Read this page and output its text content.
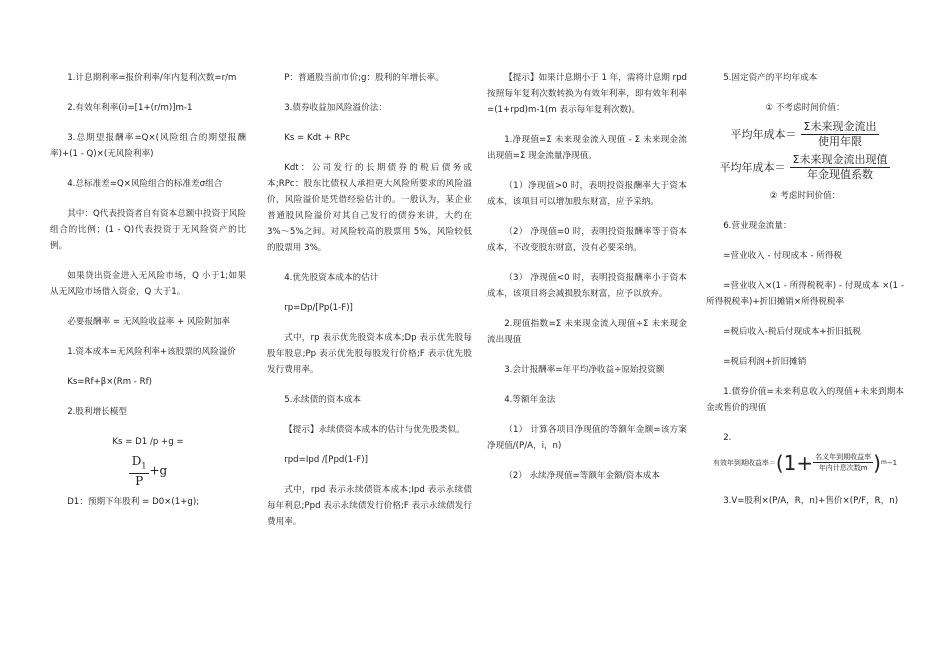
1.计息期利率=报价利率/年内复利次数=r/m

2.有效年利率(i)=[1+(r/m)]m-1

3.总期望报酬率=Q×(风险组合的期望报酬率)+(1 - Q)×(无风险利率)

4.总标准差=Q×风险组合的标准差σ组合

其中：Q代表投资者自有资本总额中投资于风险组合的比例；(1 - Q)代表投资于无风险资产的比例。

如果贷出资金进入无风险市场，Q 小于1;如果从无风险市场借入资金，Q 大于1。

必要报酬率 = 无风险收益率 + 风险附加率

1.资本成本=无风险利率+该股票的风险溢价

Ks=Rf+β×(Rm - Rf)

2.股利增长模型

Ks = D1 /p +g =

$\frac{D_1}{P} +g$

D1：预期下年股利 = D0×(1+g);

P：普通股当前市价;g：股利的年增长率。

3.债券收益加风险溢价法：

Ks = Kdt + RPc

Kdt：公司发行的长期债券的税后债务成本;RPc：股东比债权人承担更大风险所要求的风险溢价，风险溢价是凭借经验估计的。一般认为，某企业普通股风险溢价对其自己发行的债券来讲，大约在 3%～5%之间。对风险较高的股票用 5%，风险较低的股票用 3%。

4.优先股资本成本的估计

rp=Dp/[Pp(1-F)]

式中，rp 表示优先股资本成本;Dp 表示优先股每股年股息;Pp 表示优先股每股发行价格;F 表示优先股发行费用率。

5.永续债的资本成本

【提示】永续债资本成本的估计与优先股类似。

rpd=Ipd /[Ppd(1-F)]

式中，rpd 表示永续债资本成本;Ipd 表示永续债每年利息;Ppd 表示永续债发行价格;F 表示永续债发行费用率。

【提示】如果计息期小于 1 年，需将计息期 rpd 按照每年复利次数转换为有效年利率，即有效年利率=(1+rpd)m-1(m 表示每年复利次数)。

1.净现值=Σ 未来现金流入现值 - Σ 未来现金流出现值=Σ 现金流量净现值。

（1）净现值>0 时，表明投资报酬率大于资本成本，该项目可以增加股东财富，应予采纳。

（2） 净现值=0 时，表明投资报酬率等于资本成本，不改变股东财富，没有必要采纳。

（3） 净现值<0 时，表明投资报酬率小于资本成本，该项目将会减损股东财富，应予以放弃。

2.现值指数=Σ 未来现金流入现值÷Σ 未来现金流出现值

3.会计报酬率=年平均净收益÷原始投资额

4.等额年金法

（1） 计算各项目净现值的等额年金额=该方案净现值/(P/A，i，n)

（2） 永续净现值=等额年金额/资本成本

5.固定资产的平均年成本

① 不考虑时间价值：

平均年成本＝ $\frac{\text{Σ未来现金流出}}{\text{使用年限}}$
平均年成本＝ $\frac{\text{Σ未来现金流出现值}}{\text{年金现值系数}}$

② 考虑时间价值：

6.营业现金流量：

=营业收入 - 付现成本 - 所得税

=营业收入×(1 - 所得税税率) - 付现成本 ×(1 - 所得税税率)+折旧摊销×所得税税率

=税后收入-税后付现成本+折旧抵税

=税后利润+折旧摊销

1.债券价值=未来利息收入的现值+未来到期本金或售价的现值

2.

有效年到期收益率＝ ($1+ \frac{\text{名义年到期收益率}}{\text{年内计息次数m}}$ ) m −1

3.V=股利×(P/A，R，n)+售价×(P/F，R，n)
